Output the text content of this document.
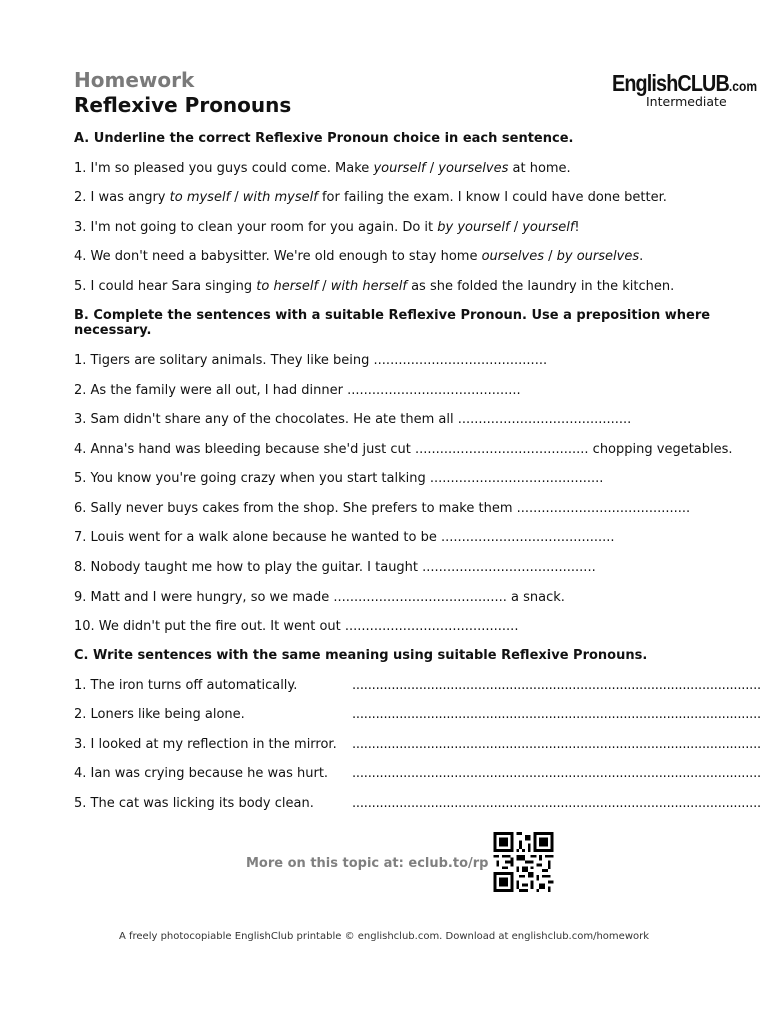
Homework
Reflexive Pronouns
EnglishCLUB.com
Intermediate
A. Underline the correct Reflexive Pronoun choice in each sentence.
1. I'm so pleased you guys could come. Make yourself / yourselves at home.
2. I was angry to myself / with myself for failing the exam. I know I could have done better.
3. I'm not going to clean your room for you again. Do it by yourself / yourself!
4. We don't need a babysitter. We're old enough to stay home ourselves / by ourselves.
5. I could hear Sara singing to herself / with herself as she folded the laundry in the kitchen.
B. Complete the sentences with a suitable Reflexive Pronoun. Use a preposition where necessary.
1. Tigers are solitary animals. They like being ..........................................
2. As the family were all out, I had dinner ..........................................
3. Sam didn't share any of the chocolates. He ate them all ..........................................
4. Anna's hand was bleeding because she'd just cut .......................................... chopping vegetables.
5. You know you're going crazy when you start talking ..........................................
6. Sally never buys cakes from the shop. She prefers to make them ..........................................
7. Louis went for a walk alone because he wanted to be ..........................................
8. Nobody taught me how to play the guitar. I taught ..........................................
9. Matt and I were hungry, so we made .......................................... a snack.
10. We didn't put the fire out. It went out ..........................................
C. Write sentences with the same meaning using suitable Reflexive Pronouns.
1. The iron turns off automatically.	........................................................................................................
2. Loners like being alone.	........................................................................................................
3. I looked at my reflection in the mirror. ........................................................................................................
4. Ian was crying because he was hurt. ........................................................................................................
5. The cat was licking its body clean.	........................................................................................................
More on this topic at: eclub.to/rp
A freely photocopiable EnglishClub printable © englishclub.com. Download at englishclub.com/homework
